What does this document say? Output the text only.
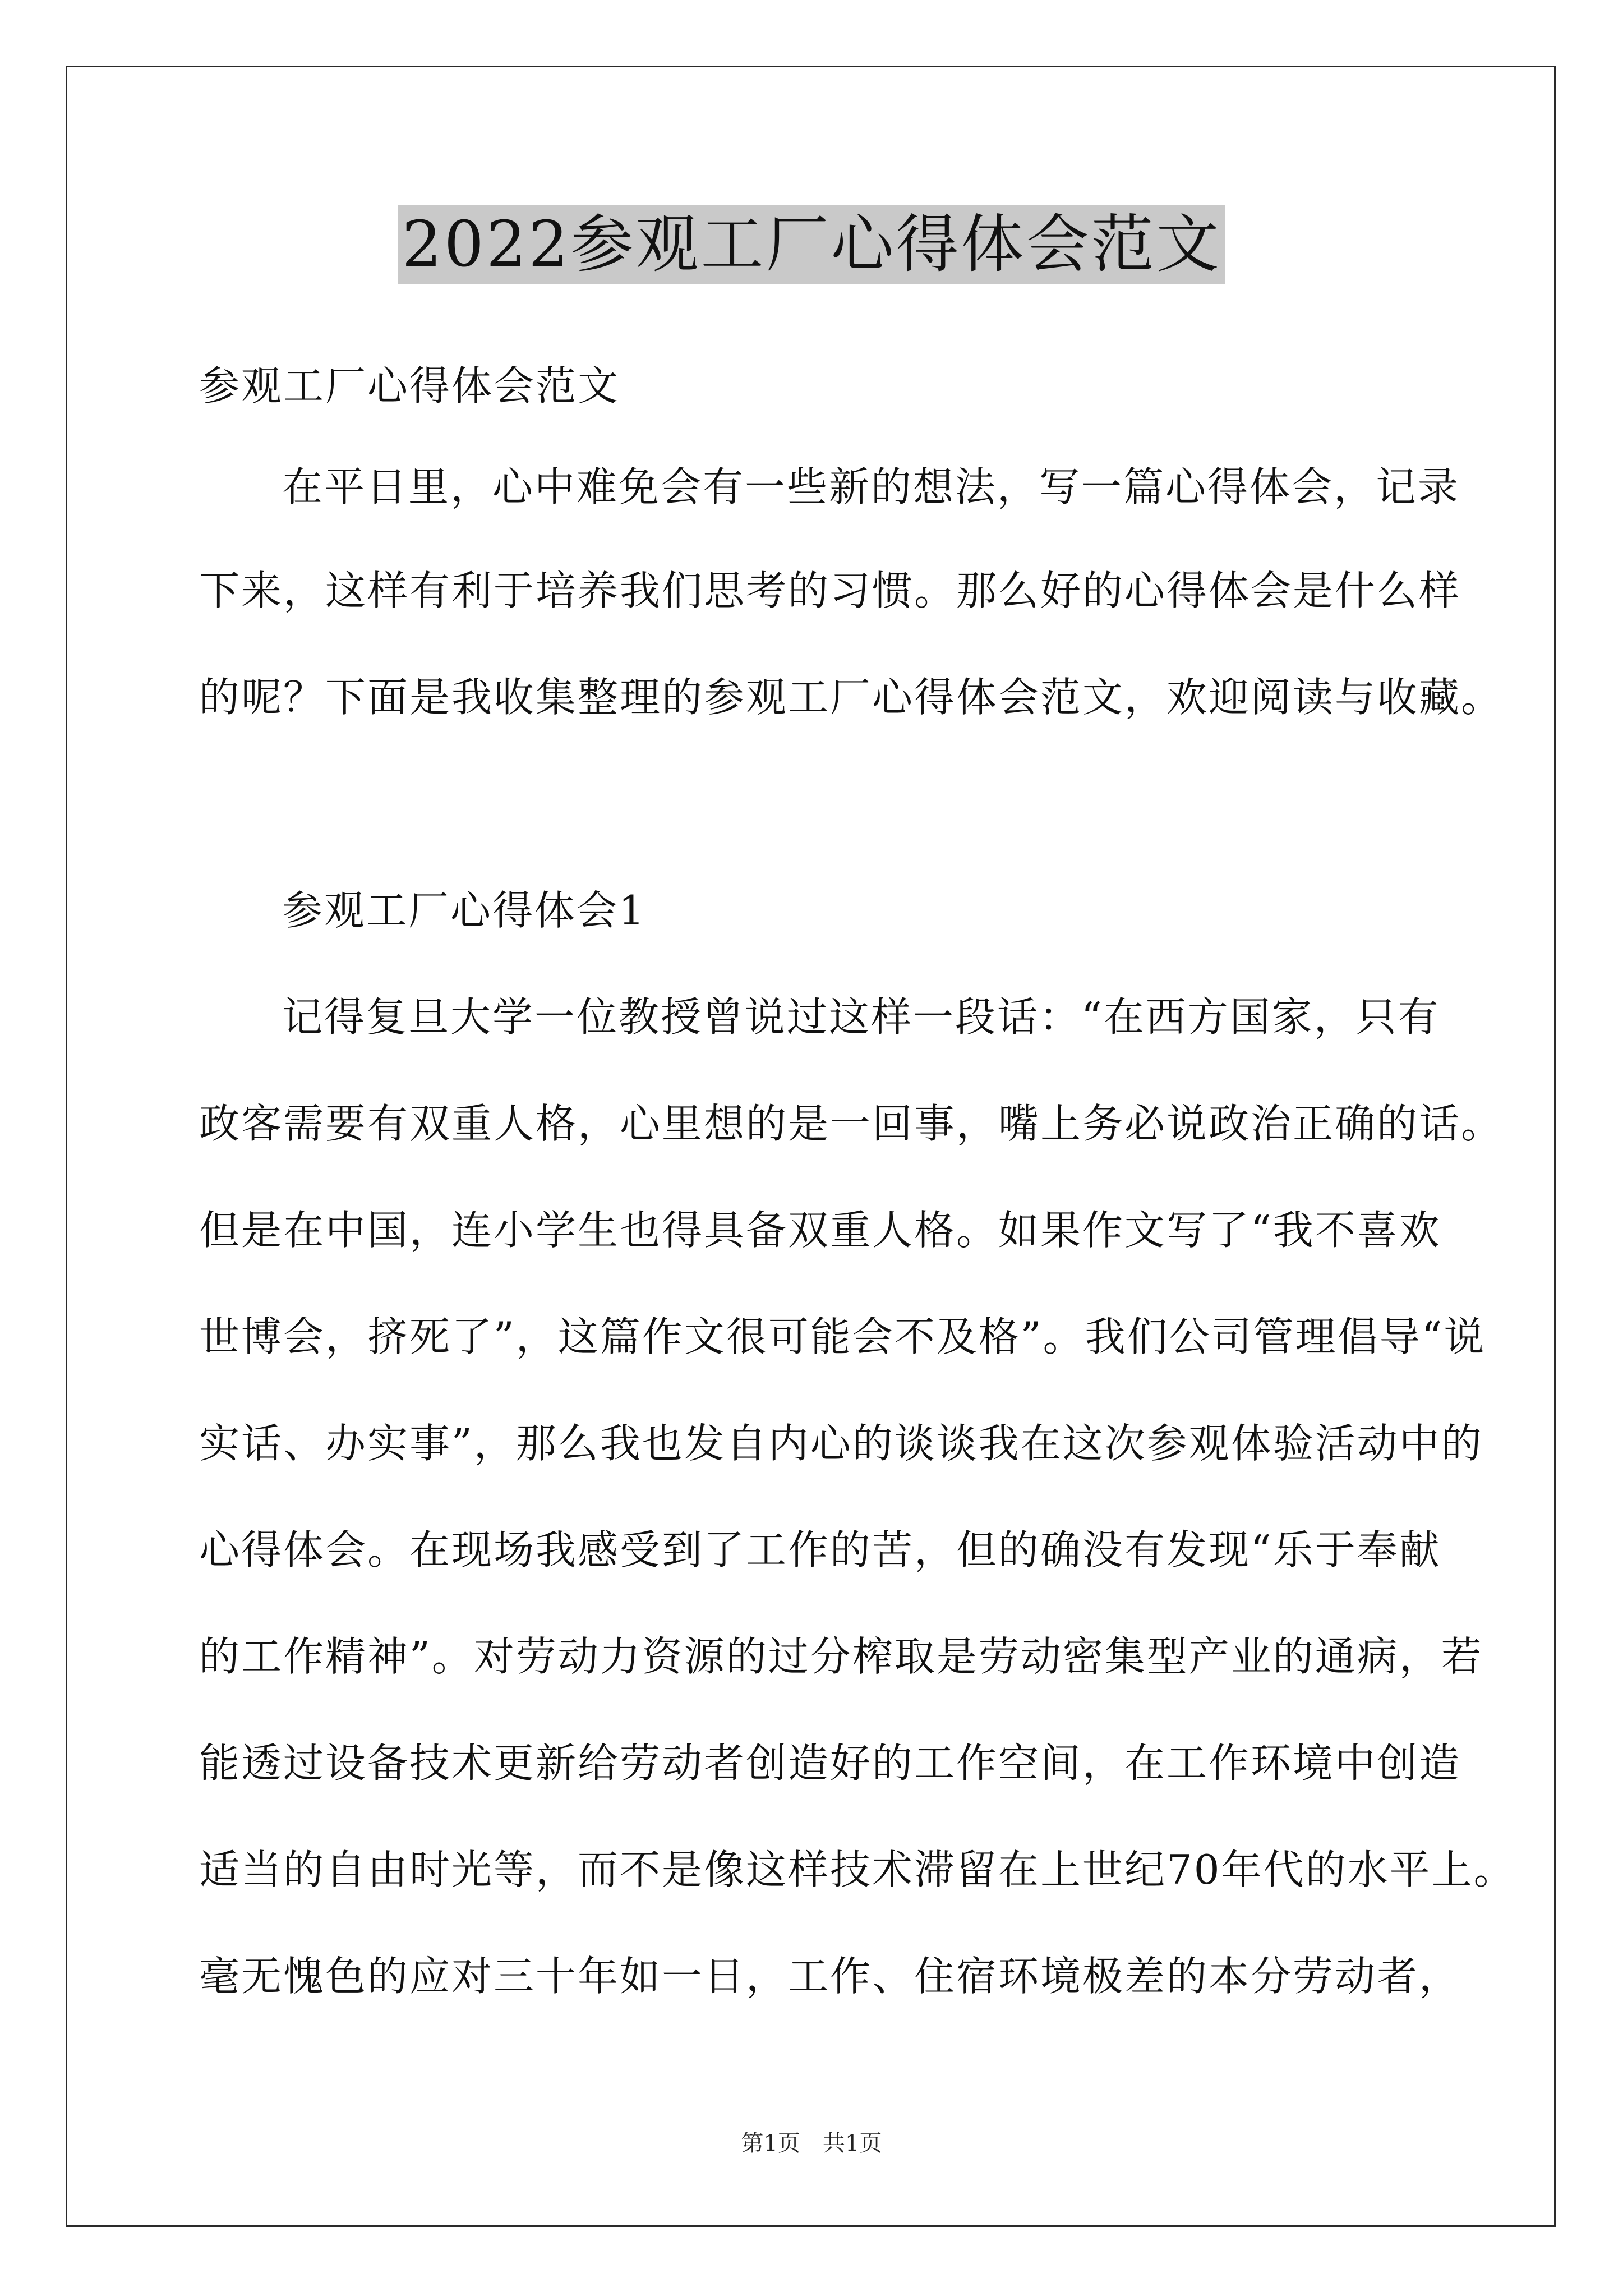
2022参观工厂心得体会范文
参观工厂心得体会范文
在平日里，心中难免会有一些新的想法，写一篇心得体会，记录
下来，这样有利于培养我们思考的习惯。那么好的心得体会是什么样
的呢？下面是我收集整理的参观工厂心得体会范文，欢迎阅读与收藏。
参观工厂心得体会1
记得复旦大学一位教授曾说过这样一段话：“在西方国家，只有
政客需要有双重人格，心里想的是一回事，嘴上务必说政治正确的话。
但是在中国，连小学生也得具备双重人格。如果作文写了“我不喜欢
世博会，挤死了”，这篇作文很可能会不及格”。我们公司管理倡导“说
实话、办实事”，那么我也发自内心的谈谈我在这次参观体验活动中的
心得体会。在现场我感受到了工作的苦，但的确没有发现“乐于奉献
的工作精神”。对劳动力资源的过分榨取是劳动密集型产业的通病，若
能透过设备技术更新给劳动者创造好的工作空间，在工作环境中创造
适当的自由时光等，而不是像这样技术滞留在上世纪70年代的水平上。
毫无愧色的应对三十年如一日，工作、住宿环境极差的本分劳动者，
第1页　共1页
